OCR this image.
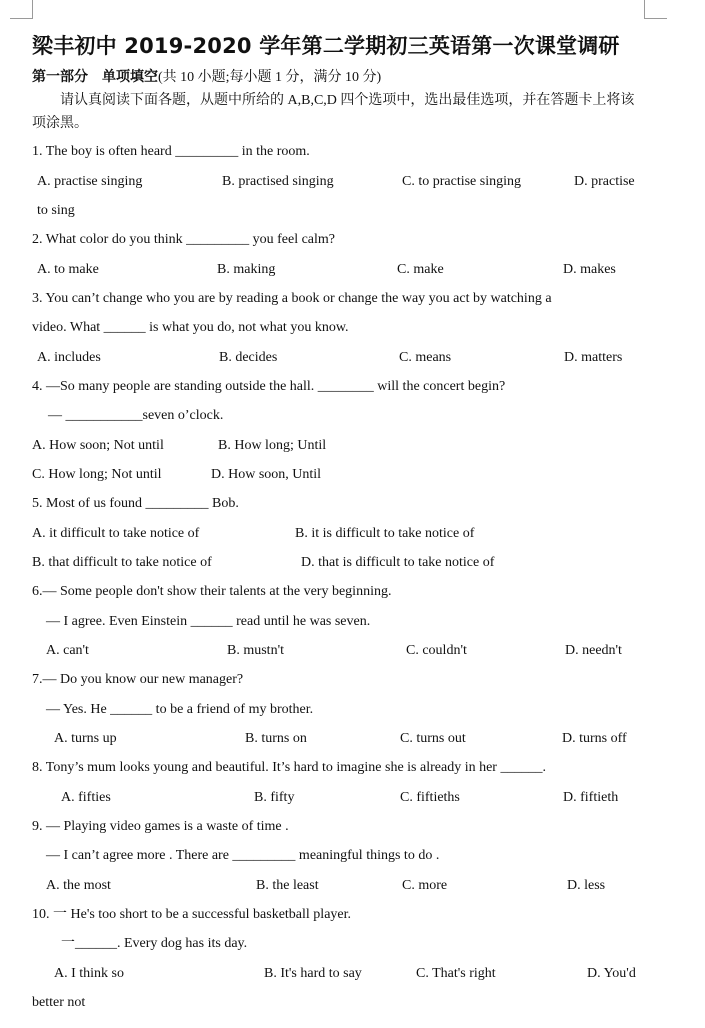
梁丰初中 2019-2020 学年第二学期初三英语第一次课堂调研
第一部分　单项填空(共 10 小题;每小题 1 分，满分 10 分)

请认真阅读下面各题，从题中所给的 A,B,C,D 四个选项中，选出最佳选项，并在答题卡上将该项涂黑。

1. The boy is often heard _________ in the room.
A. practise singing	B. practised singing	C. to practise singing	D. practise
to sing
2. What color do you think _________ you feel calm?
A. to make	B. making	C. make	D. makes
3. You can’t change who you are by reading a book or change the way you act by watching a
video. What ______ is what you do, not what you know.
A. includes	B. decides	C. means	D. matters
4. —So many people are standing outside the hall. ________ will the concert begin?
— ___________seven o’clock.
A. How soon; Not until	B. How long; Until
C. How long; Not until	D. How soon, Until
5. Most of us found _________ Bob.
A. it difficult to take notice of	B. it is difficult to take notice of
B. that difficult to take notice of	D. that is difficult to take notice of
6.— Some people don't show their talents at the very beginning.
— I agree. Even Einstein ______ read until he was seven.
A. can't	B. mustn't	C. couldn't	D. needn't
7.— Do you know our new manager?
— Yes. He ______ to be a friend of my brother.
A. turns up	B. turns on	C. turns out	D. turns off
8. Tony’s mum looks young and beautiful. It’s hard to imagine she is already in her ______.
A. fifties	B. fifty	C. fiftieths	D. fiftieth
9. — Playing video games is a waste of time .
— I can’t agree more . There are _________ meaningful things to do .
A. the most	B. the least	C. more	D. less
10. 一 He's too short to be a successful basketball player.
一______. Every dog has its day.
A. I think so	B. It's hard to say	C. That's right	D. You'd
better not
